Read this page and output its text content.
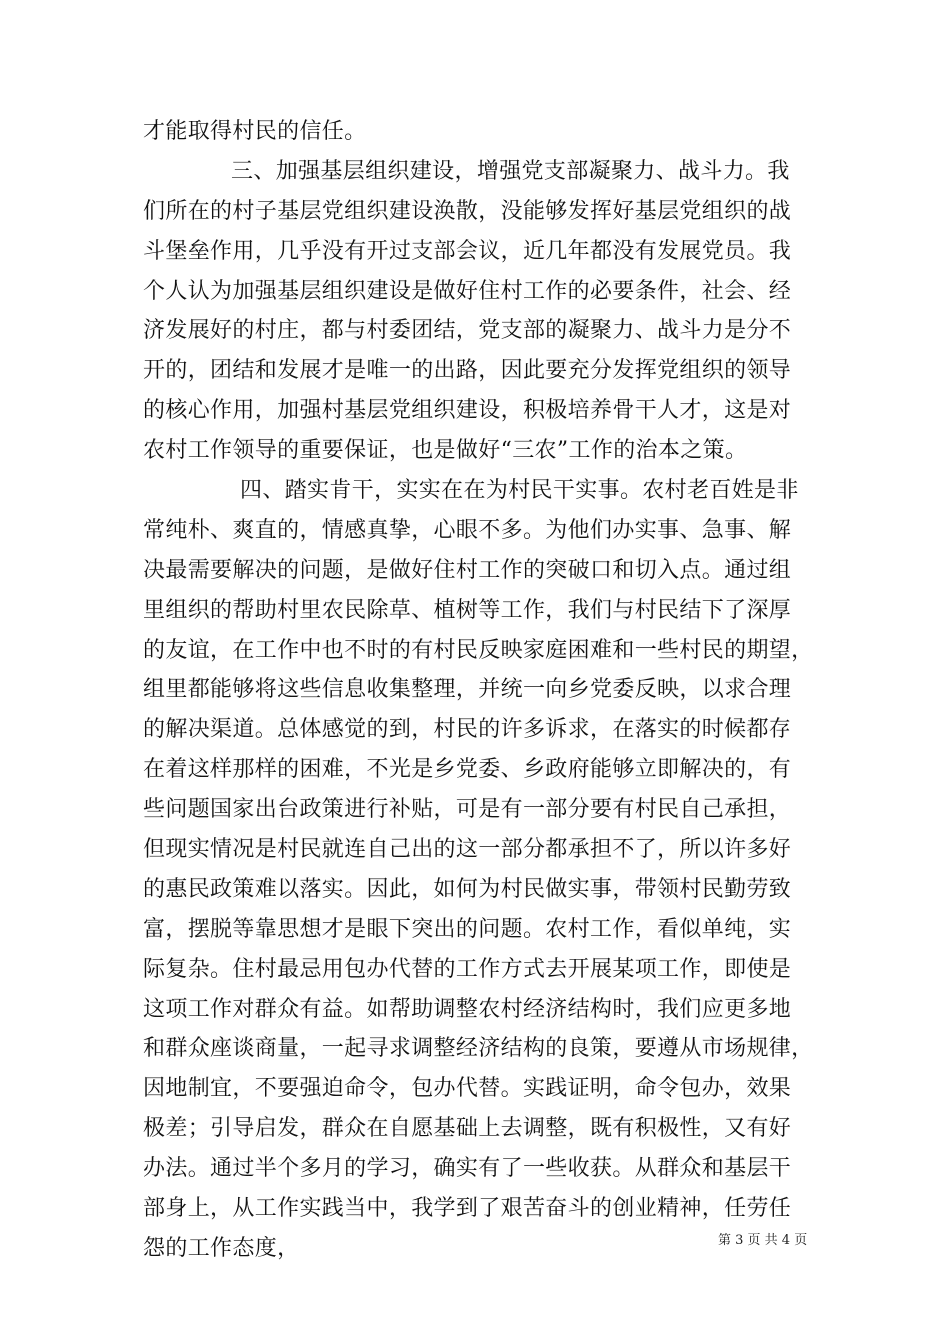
才能取得村民的信任。
三、加强基层组织建设，增强党支部凝聚力、战斗力。我
们所在的村子基层党组织建设涣散，没能够发挥好基层党组织的战
斗堡垒作用，几乎没有开过支部会议，近几年都没有发展党员。我
个人认为加强基层组织建设是做好住村工作的必要条件，社会、经
济发展好的村庄，都与村委团结，党支部的凝聚力、战斗力是分不
开的，团结和发展才是唯一的出路，因此要充分发挥党组织的领导
的核心作用，加强村基层党组织建设，积极培养骨干人才，这是对
农村工作领导的重要保证，也是做好“三农”工作的治本之策。
四、踏实肯干，实实在在为村民干实事。农村老百姓是非
常纯朴、爽直的，情感真挚，心眼不多。为他们办实事、急事、解
决最需要解决的问题，是做好住村工作的突破口和切入点。通过组
里组织的帮助村里农民除草、植树等工作，我们与村民结下了深厚
的友谊，在工作中也不时的有村民反映家庭困难和一些村民的期望，
组里都能够将这些信息收集整理，并统一向乡党委反映，以求合理
的解决渠道。总体感觉的到，村民的许多诉求，在落实的时候都存
在着这样那样的困难，不光是乡党委、乡政府能够立即解决的，有
些问题国家出台政策进行补贴，可是有一部分要有村民自己承担，
但现实情况是村民就连自己出的这一部分都承担不了，所以许多好
的惠民政策难以落实。因此，如何为村民做实事，带领村民勤劳致
富，摆脱等靠思想才是眼下突出的问题。农村工作，看似单纯，实
际复杂。住村最忌用包办代替的工作方式去开展某项工作，即使是
这项工作对群众有益。如帮助调整农村经济结构时，我们应更多地
和群众座谈商量，一起寻求调整经济结构的良策，要遵从市场规律，
因地制宜，不要强迫命令，包办代替。实践证明，命令包办，效果
极差；引导启发，群众在自愿基础上去调整，既有积极性，又有好
办法。通过半个多月的学习，确实有了一些收获。从群众和基层干
部身上，从工作实践当中，我学到了艰苦奋斗的创业精神，任劳任
怨的工作态度，	第 3 页 共 4 页
